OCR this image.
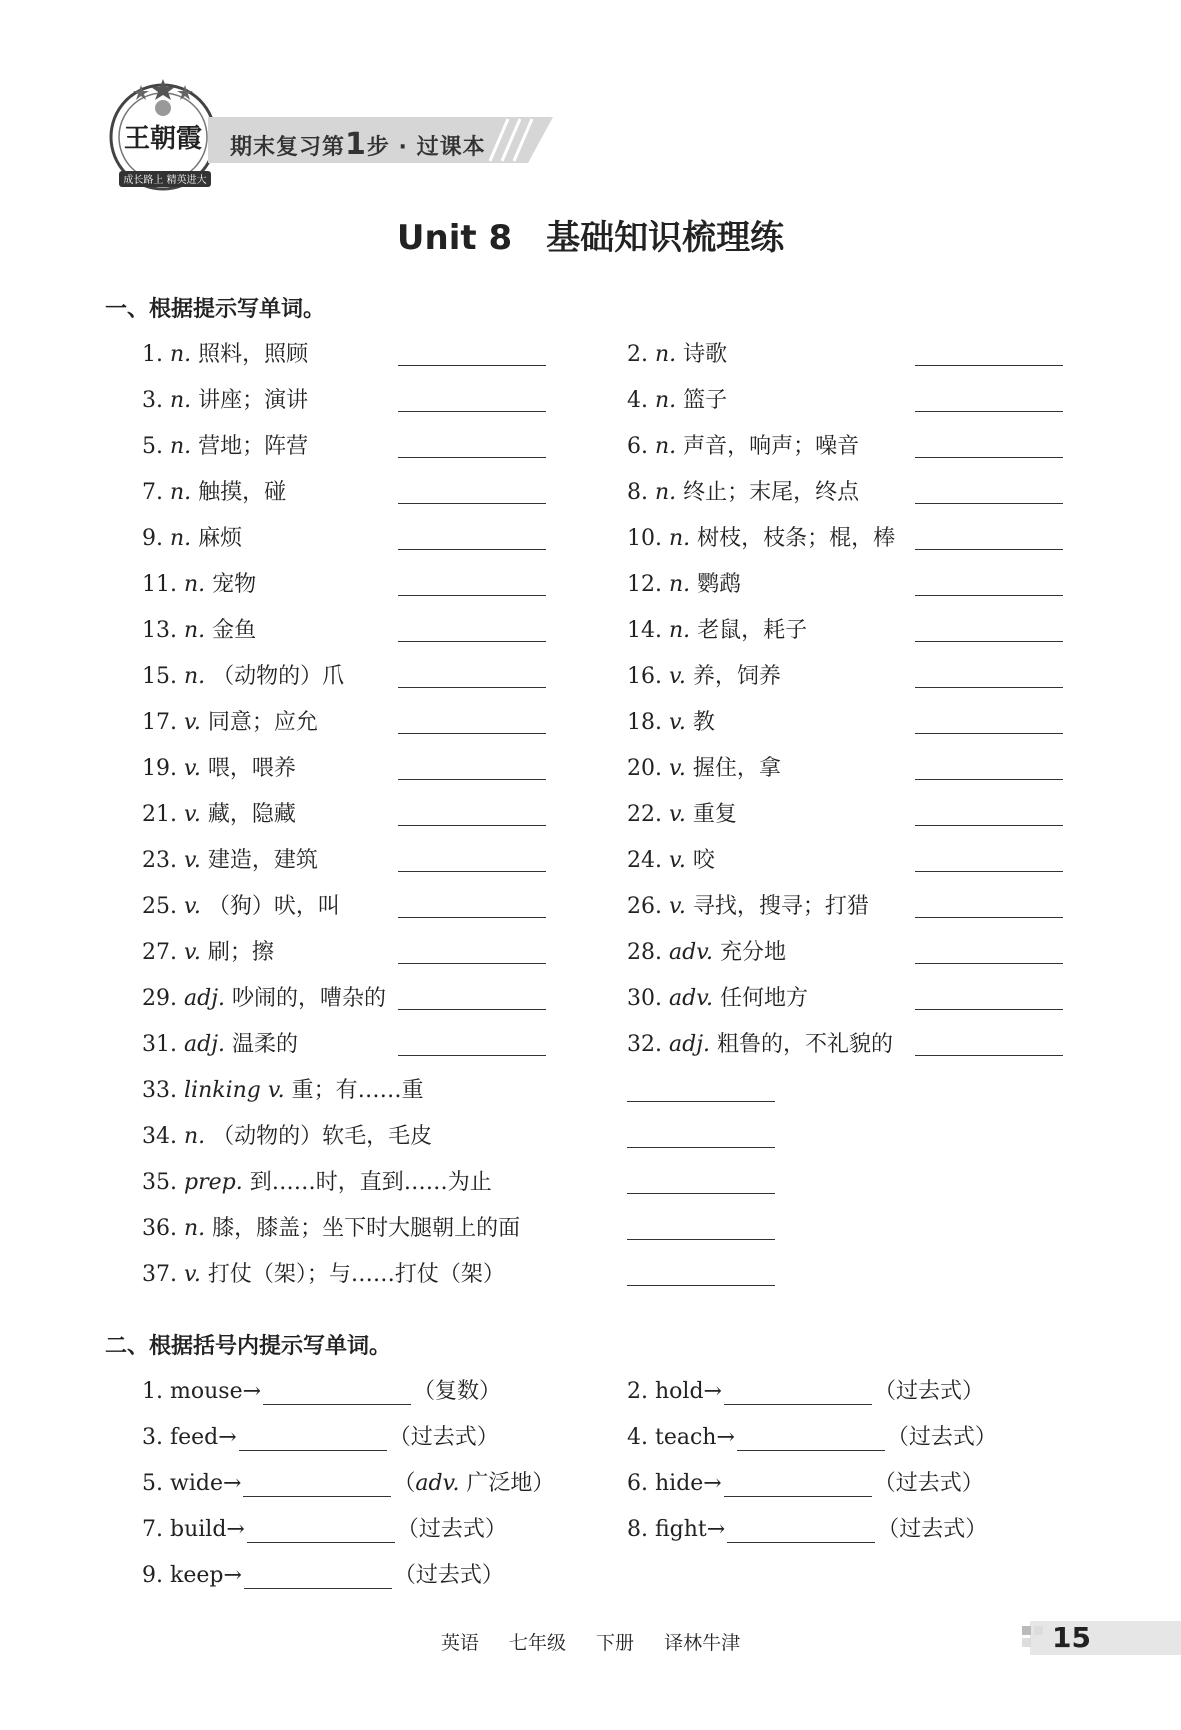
王朝霞
成长路上 精英进大
期末复习第1步 · 过课本
Unit 8　基础知识梳理练
一、根据提示写单词。
1. n. 照料，照顾	2. n. 诗歌
3. n. 讲座；演讲	4. n. 篮子
5. n. 营地；阵营	6. n. 声音，响声；噪音
7. n. 触摸，碰	8. n. 终止；末尾，终点
9. n. 麻烦	10. n. 树枝，枝条；棍，棒
11. n. 宠物	12. n. 鹦鹉
13. n. 金鱼	14. n. 老鼠，耗子
15. n. （动物的）爪	16. v. 养，饲养
17. v. 同意；应允	18. v. 教
19. v. 喂，喂养	20. v. 握住，拿
21. v. 藏，隐藏	22. v. 重复
23. v. 建造，建筑	24. v. 咬
25. v. （狗）吠，叫	26. v. 寻找，搜寻；打猎
27. v. 刷；擦	28. adv. 充分地
29. adj. 吵闹的，嘈杂的	30. adv. 任何地方
31. adj. 温柔的	32. adj. 粗鲁的，不礼貌的
33. linking v. 重；有……重
34. n. （动物的）软毛，毛皮
35. prep. 到……时，直到……为止
36. n. 膝，膝盖；坐下时大腿朝上的面
37. v. 打仗（架）；与……打仗（架）
二、根据括号内提示写单词。
1. mouse→	（复数）	2. hold→	（过去式）
3. feed→	（过去式）	4. teach→	（过去式）
5. wide→	（adv. 广泛地）	6. hide→	（过去式）
7. build→	（过去式）	8. fight→	（过去式）
9. keep→	（过去式）
英语 七年级 下册 译林牛津	15
